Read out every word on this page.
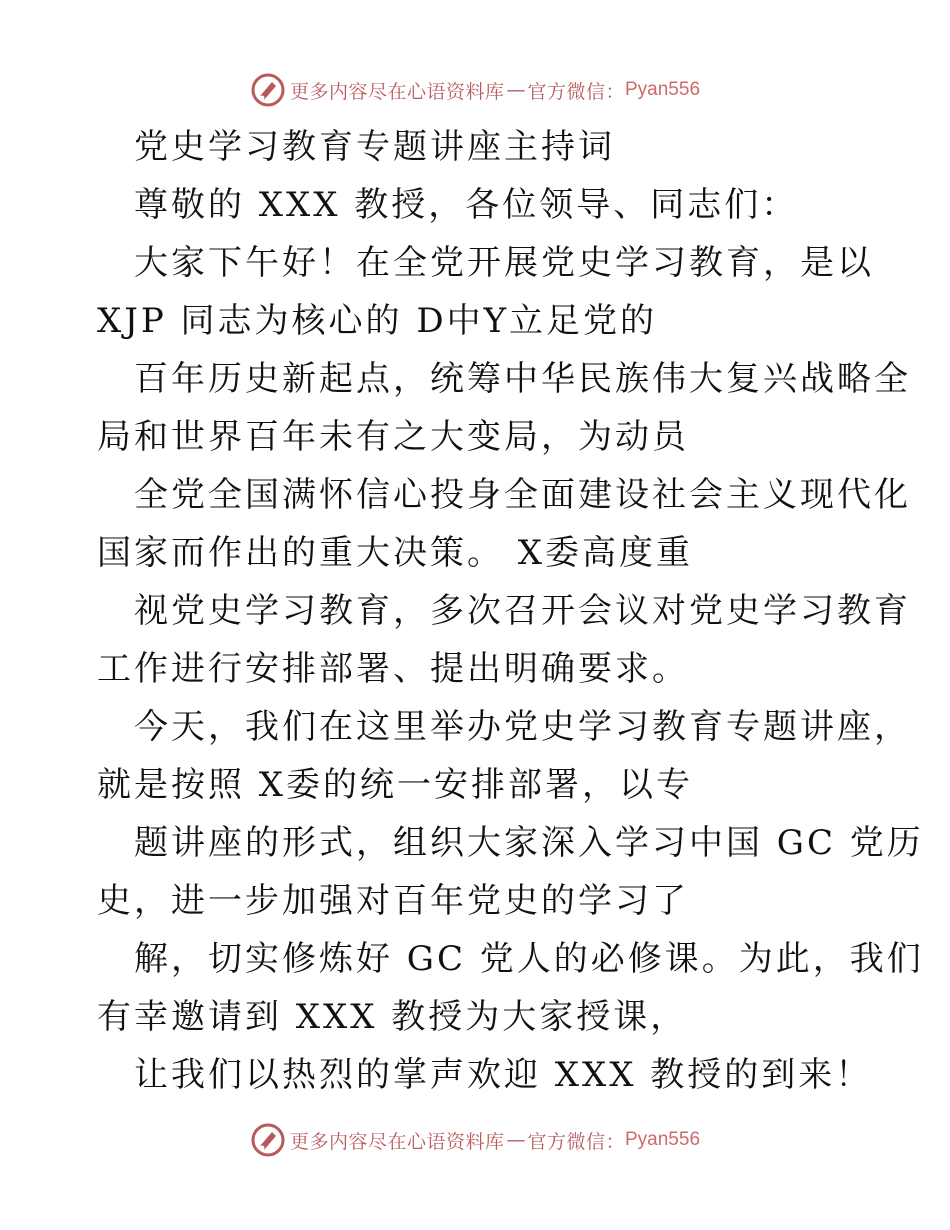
更多内容尽在心语资料库 — 官方微信： Pyan556
党史学习教育专题讲座主持词
尊敬的 XXX 教授，各位领导、同志们：
大家下午好！在全党开展党史学习教育，是以
XJP 同志为核心的 D中Y立足党的
百年历史新起点，统筹中华民族伟大复兴战略全
局和世界百年未有之大变局，为动员
全党全国满怀信心投身全面建设社会主义现代化
国家而作出的重大决策。 X委高度重
视党史学习教育，多次召开会议对党史学习教育
工作进行安排部署、提出明确要求。
今天，我们在这里举办党史学习教育专题讲座，
就是按照 X委的统一安排部署，以专
题讲座的形式，组织大家深入学习中国 GC 党历
史，进一步加强对百年党史的学习了
解，切实修炼好 GC 党人的必修课。为此，我们
有幸邀请到 XXX 教授为大家授课，
让我们以热烈的掌声欢迎 XXX 教授的到来！
更多内容尽在心语资料库 — 官方微信： Pyan556
